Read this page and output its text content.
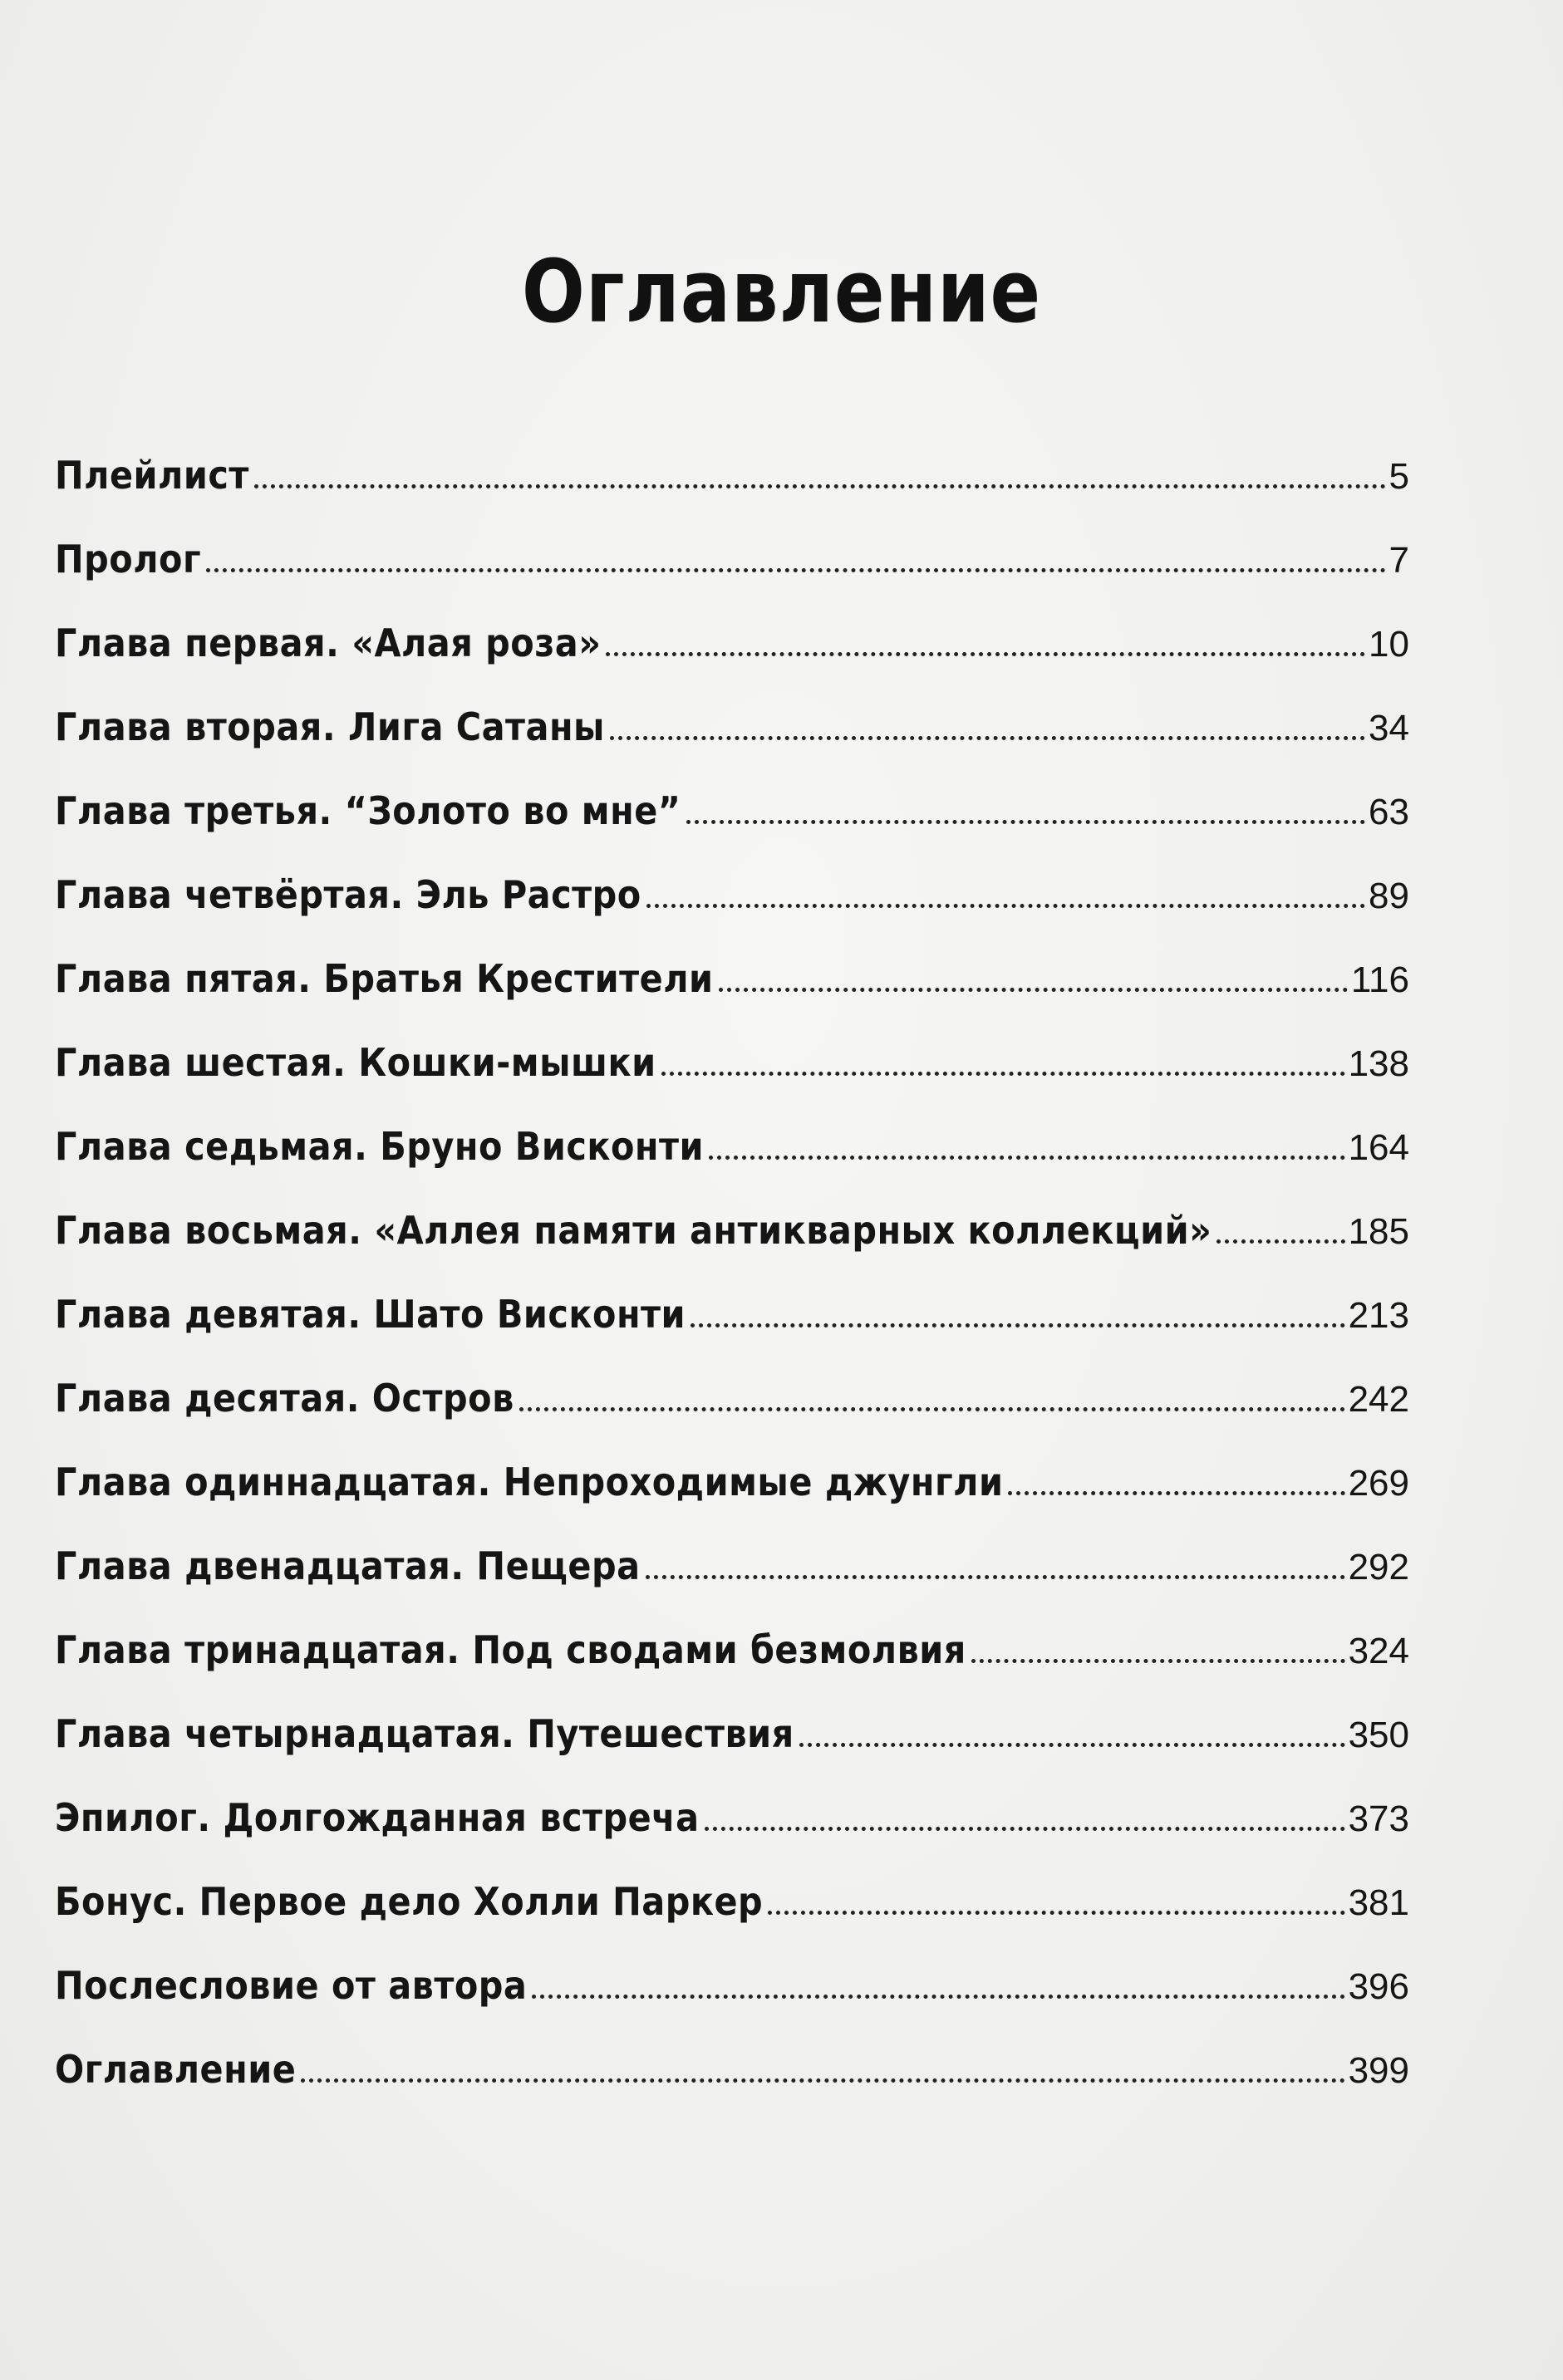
Оглавление
Плейлист	5
Пролог	7
Глава первая. «Алая роза»	10
Глава вторая. Лига Сатаны	34
Глава третья. “Золото во мне”	63
Глава четвёртая. Эль Растро	89
Глава пятая. Братья Крестители	116
Глава шестая. Кошки-мышки	138
Глава седьмая. Бруно Висконти	164
Глава восьмая. «Аллея памяти антикварных коллекций»	185
Глава девятая. Шато Висконти	213
Глава десятая. Остров	242
Глава одиннадцатая. Непроходимые джунгли	269
Глава двенадцатая. Пещера	292
Глава тринадцатая. Под сводами безмолвия	324
Глава четырнадцатая. Путешествия	350
Эпилог. Долгожданная встреча	373
Бонус. Первое дело Холли Паркер	381
Послесловие от автора	396
Оглавление	399
